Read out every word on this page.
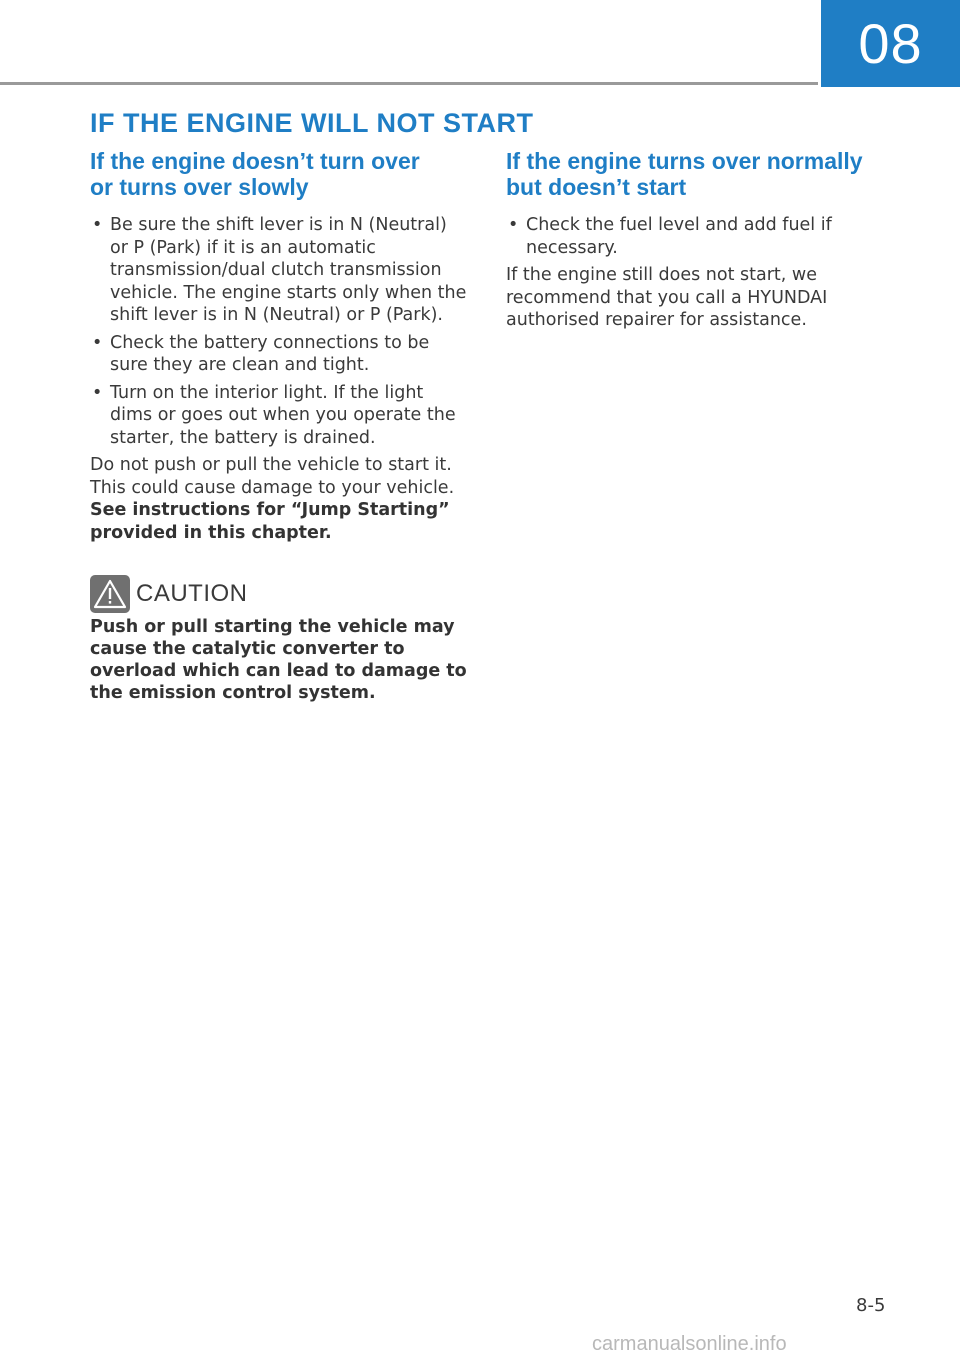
08
IF THE ENGINE WILL NOT START
If the engine doesn’t turn over
or turns over slowly
• Be sure the shift lever is in N (Neutral) or P (Park) if it is an automatic transmission/dual clutch transmission vehicle. The engine starts only when the shift lever is in N (Neutral) or P (Park).
• Check the battery connections to be sure they are clean and tight.
• Turn on the interior light. If the light dims or goes out when you operate the starter, the battery is drained.

Do not push or pull the vehicle to start it. This could cause damage to your vehicle. See instructions for “Jump Starting” provided in this chapter.

CAUTION
Push or pull starting the vehicle may cause the catalytic converter to overload which can lead to damage to the emission control system.
If the engine turns over normally
but doesn’t start
• Check the fuel level and add fuel if necessary.

If the engine still does not start, we recommend that you call a HYUNDAI authorised repairer for assistance.

8-5
carmanualsonline.info
